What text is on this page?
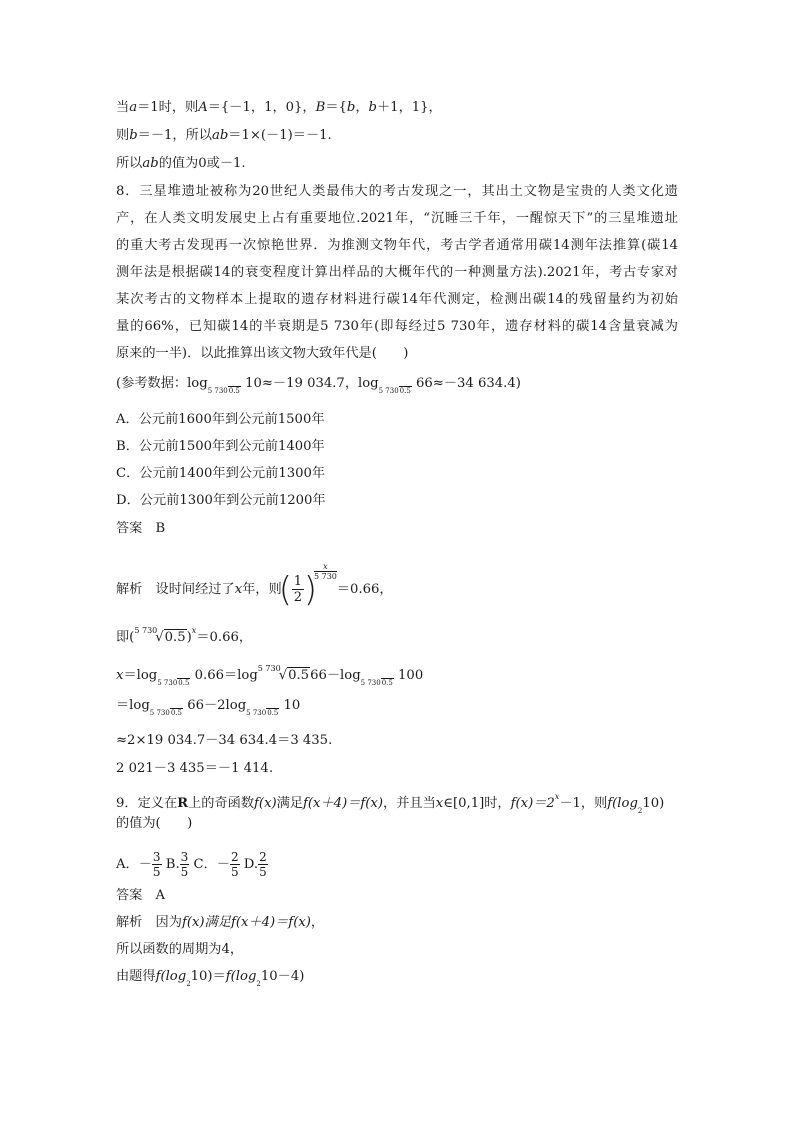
当a＝1时，则A＝{－1，1，0}，B＝{b，b＋1，1}，
则b＝－1，所以ab＝1×(－1)＝－1.
所以ab的值为0或－1.
8．三星堆遗址被称为20世纪人类最伟大的考古发现之一，其出土文物是宝贵的人类文化遗
产，在人类文明发展史上占有重要地位.2021年，“沉睡三千年，一醒惊天下”的三星堆遗址
的重大考古发现再一次惊艳世界．为推测文物年代，考古学者通常用碳14测年法推算(碳14
测年法是根据碳14的衰变程度计算出样品的大概年代的一种测量方法).2021年，考古专家对
某次考古的文物样本上提取的遗存材料进行碳14年代测定，检测出碳14的残留量约为初始
量的66%，已知碳14的半衰期是5 730年(即每经过5 730年，遗存材料的碳14含量衰减为
原来的一半)．以此推算出该文物大致年代是(　　)
(参考数据：$\log_{5 7300.5} 10\approx-19$ 034.7，$\log_{5 7300.5} 66\approx-34$ 634.4)
A．公元前1600年到公元前1500年
B．公元前1500年到公元前1400年
C．公元前1400年到公元前1300年
D．公元前1300年到公元前1200年
答案　B
解析　设时间经过了x年，则
( $\frac{1}{2}$ )
$\frac{x}{5 730}$
＝0.66，
即$(^{5 730}√0.5)^x=0.66$，
$x=\log_{5 7300.5}$ $0.66=\log^{5 730}√0.566-\log_{5 7300.5}$ 100
$=\log_{5 7300.5}$ $66-2\log_{5 7300.5}$ 10
≈2×19 034.7－34 634.4＝3 435.
2 021－3 435＝－1 414.
9．定义在R上的奇函数f(x)满足f(x＋4)＝f(x)，并且当x∈[0,1]时，$f(x)=2^x-1$，则$f(\log_210)$
的值为(　　)
A．－ $\frac{3}{5} B$. $\frac{3}{5}$ C．－ $\frac{2}{5} D$. $\frac{2}{5}$
答案　A
解析　因为f(x)满足f(x＋4)＝f(x)，
所以函数的周期为4，
由题得$f(\log_210)=f(\log_210-4)$
